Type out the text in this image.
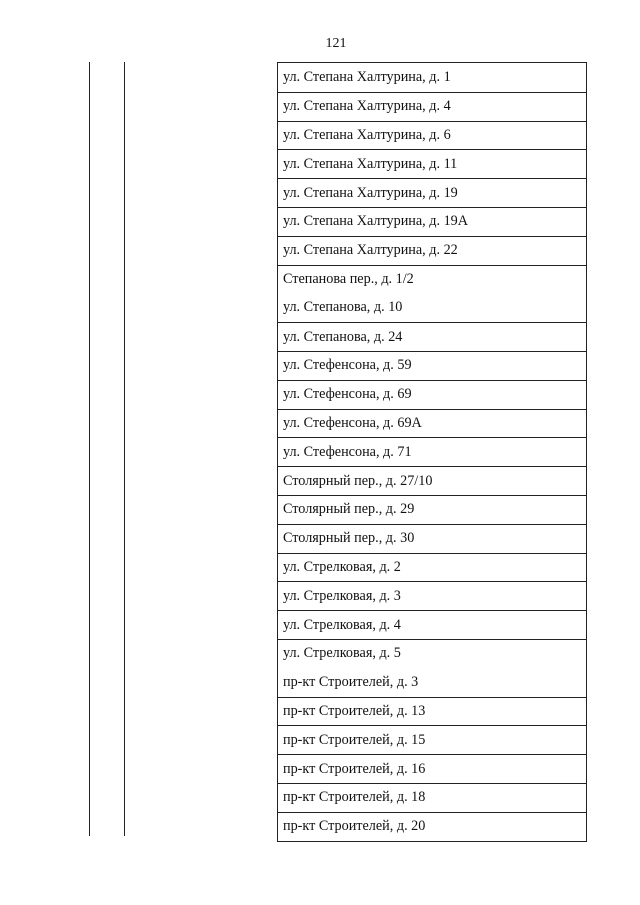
121
ул. Степана Халтурина, д. 1
ул. Степана Халтурина, д. 4
ул. Степана Халтурина, д. 6
ул. Степана Халтурина, д. 11
ул. Степана Халтурина, д. 19
ул. Степана Халтурина, д. 19А
ул. Степана Халтурина, д. 22
Степанова пер., д. 1/2
ул. Степанова, д. 10
ул. Степанова, д. 24
ул. Стефенсона, д. 59
ул. Стефенсона, д. 69
ул. Стефенсона, д. 69А
ул. Стефенсона, д. 71
Столярный пер., д. 27/10
Столярный пер., д. 29
Столярный пер., д. 30
ул. Стрелковая, д. 2
ул. Стрелковая, д. 3
ул. Стрелковая, д. 4
ул. Стрелковая, д. 5
пр-кт Строителей, д. 3
пр-кт Строителей, д. 13
пр-кт Строителей, д. 15
пр-кт Строителей, д. 16
пр-кт Строителей, д. 18
пр-кт Строителей, д. 20
